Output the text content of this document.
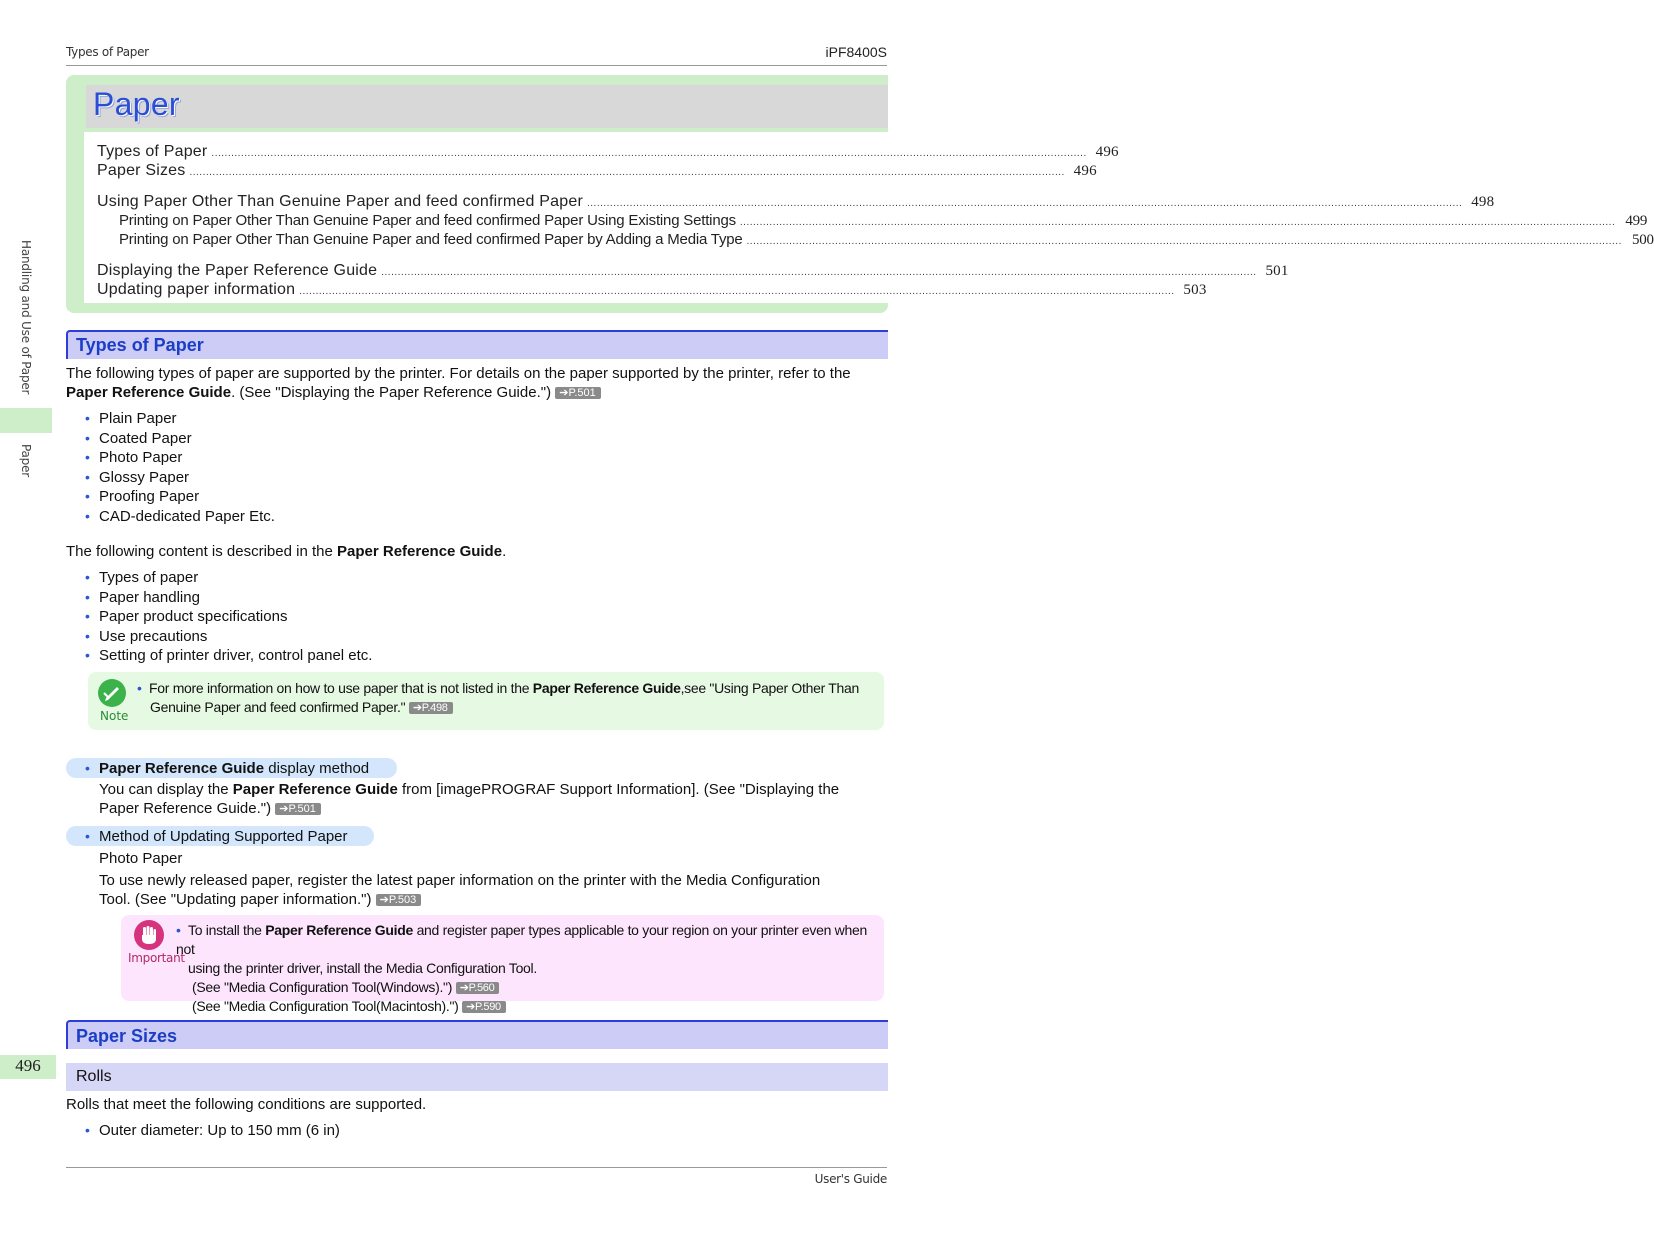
Types of Paper	iPF8400S
Handling and Use of Paper
Paper
Paper
Types of Paper ........................................................................................................................................................................................................................................................................... 496
Paper Sizes ........................................................................................................................................................................................................................................................................... 496
Using Paper Other Than Genuine Paper and feed confirmed Paper ........................................................................................................................................................................................................................................................................... 498
Printing on Paper Other Than Genuine Paper and feed confirmed Paper Using Existing Settings ........................................................................................................................................................................................................................................................................... 499
Printing on Paper Other Than Genuine Paper and feed confirmed Paper by Adding a Media Type ........................................................................................................................................................................................................................................................................... 500
Displaying the Paper Reference Guide ........................................................................................................................................................................................................................................................................... 501
Updating paper information ........................................................................................................................................................................................................................................................................... 503
Types of Paper
The following types of paper are supported by the printer. For details on the paper supported by the printer, refer to the
Paper Reference Guide. (See "Displaying the Paper Reference Guide.") ➔P.501
• Plain Paper
• Coated Paper
• Photo Paper
• Glossy Paper
• Proofing Paper
• CAD-dedicated Paper Etc.
The following content is described in the Paper Reference Guide.
• Types of paper
• Paper handling
• Paper product specifications
• Use precautions
• Setting of printer driver, control panel etc.
Note
• For more information on how to use paper that is not listed in the Paper Reference Guide,see "Using Paper Other Than
Genuine Paper and feed confirmed Paper." ➔P.498
• Paper Reference Guide display method
You can display the Paper Reference Guide from [imagePROGRAF Support Information]. (See "Displaying the
Paper Reference Guide.") ➔P.501
• Method of Updating Supported Paper
Photo Paper
To use newly released paper, register the latest paper information on the printer with the Media Configuration
Tool. (See "Updating paper information.") ➔P.503
Important
• To install the Paper Reference Guide and register paper types applicable to your region on your printer even when not
using the printer driver, install the Media Configuration Tool.
(See "Media Configuration Tool(Windows).") ➔P.560
(See "Media Configuration Tool(Macintosh).") ➔P.590
Paper Sizes
496
Rolls
Rolls that meet the following conditions are supported.
• Outer diameter: Up to 150 mm (6 in)
User's Guide
